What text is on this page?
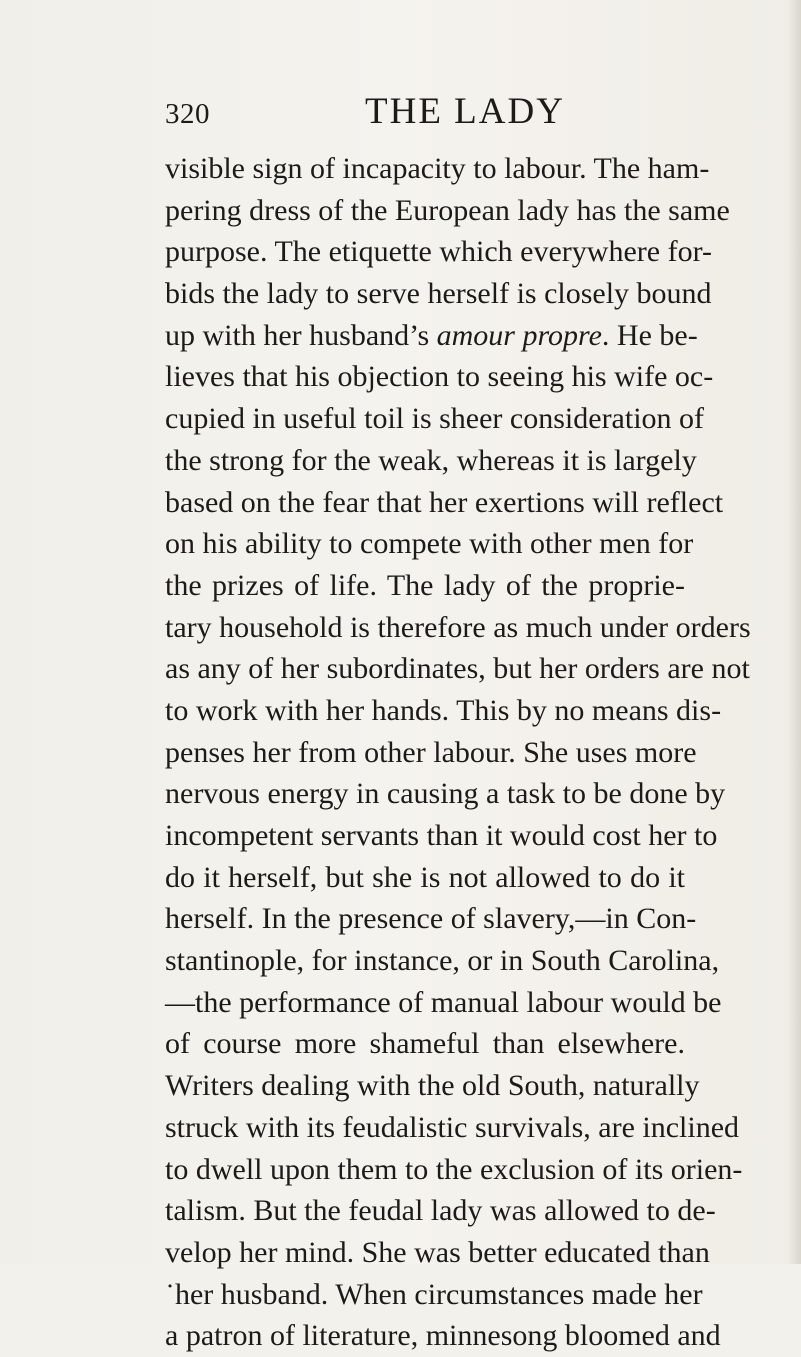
320	THE LADY
visible sign of incapacity to labour. The ham-
pering dress of the European lady has the same
purpose. The etiquette which everywhere for-
bids the lady to serve herself is closely bound
up with her husband’s amour propre. He be-
lieves that his objection to seeing his wife oc-
cupied in useful toil is sheer consideration of
the strong for the weak, whereas it is largely
based on the fear that her exertions will reflect
on his ability to compete with other men for
the prizes of life. The lady of the proprie-
tary household is therefore as much under orders
as any of her subordinates, but her orders are not
to work with her hands. This by no means dis-
penses her from other labour. She uses more
nervous energy in causing a task to be done by
incompetent servants than it would cost her to
do it herself, but she is not allowed to do it
herself. In the presence of slavery,—in Con-
stantinople, for instance, or in South Carolina,
—the performance of manual labour would be
of course more shameful than elsewhere.
Writers dealing with the old South, naturally
struck with its feudalistic survivals, are inclined
to dwell upon them to the exclusion of its orien-
talism. But the feudal lady was allowed to de-
velop her mind. She was better educated than
˙her husband. When circumstances made her
a patron of literature, minnesong bloomed and
